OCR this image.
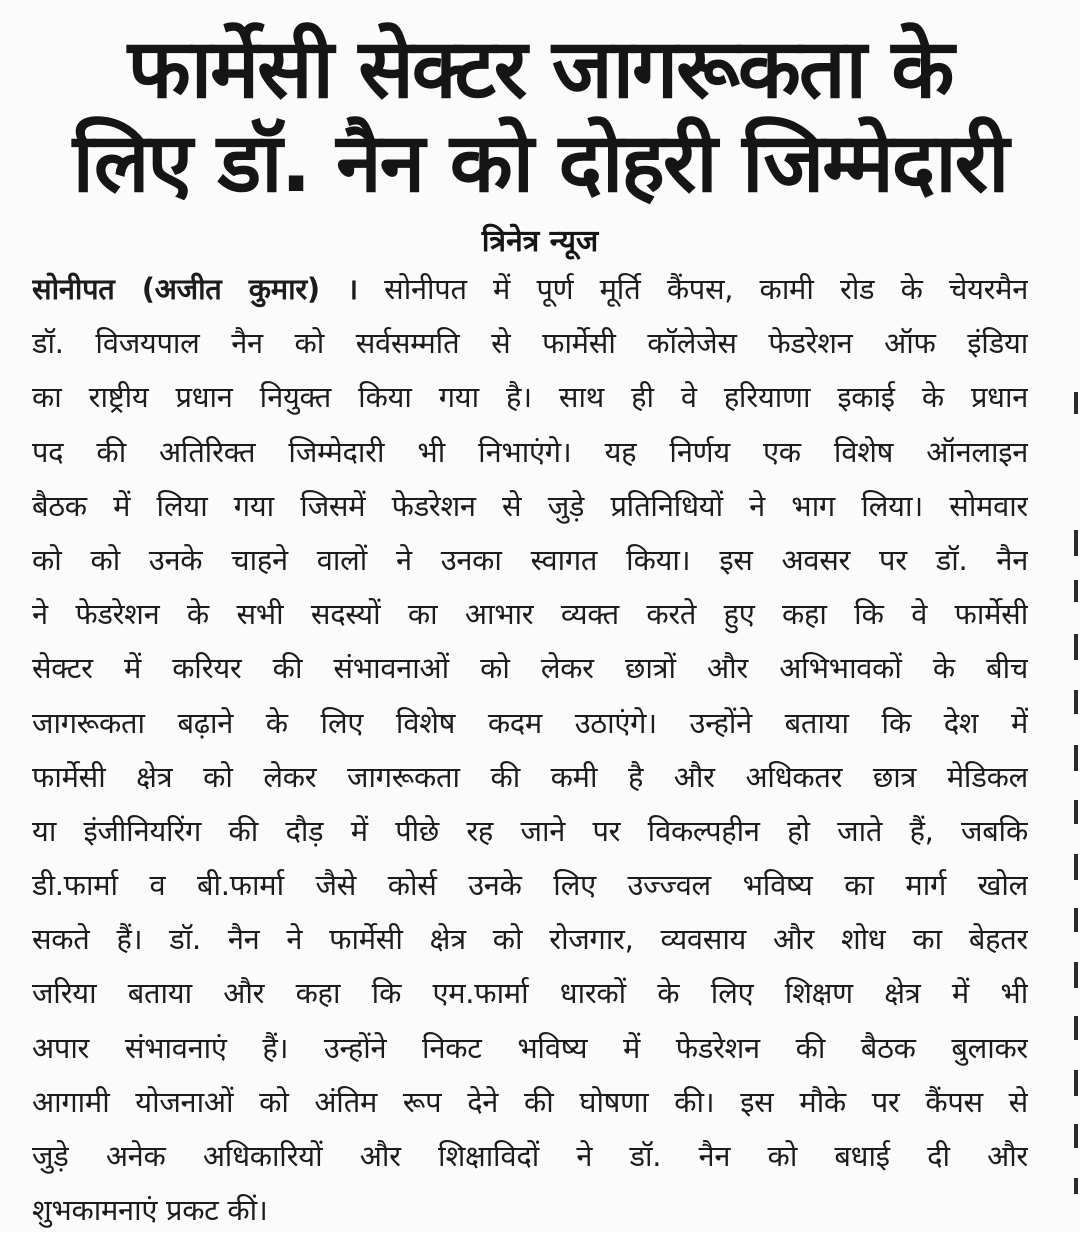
फार्मेसी सेक्टर जागरूकता के
लिए डॉ. नैन को दोहरी जिम्मेदारी
त्रिनेत्र न्यूज
सोनीपत (अजीत कुमार) । सोनीपत में पूर्ण मूर्ति कैंपस, कामी रोड के चेयरमैन
डॉ. विजयपाल नैन को सर्वसम्मति से फार्मेसी कॉलेजेस फेडरेशन ऑफ इंडिया
का राष्ट्रीय प्रधान नियुक्त किया गया है। साथ ही वे हरियाणा इकाई के प्रधान
पद की अतिरिक्त जिम्मेदारी भी निभाएंगे। यह निर्णय एक विशेष ऑनलाइन
बैठक में लिया गया जिसमें फेडरेशन से जुड़े प्रतिनिधियों ने भाग लिया। सोमवार
को को उनके चाहने वालों ने उनका स्वागत किया। इस अवसर पर डॉ. नैन
ने फेडरेशन के सभी सदस्यों का आभार व्यक्त करते हुए कहा कि वे फार्मेसी
सेक्टर में करियर की संभावनाओं को लेकर छात्रों और अभिभावकों के बीच
जागरूकता बढ़ाने के लिए विशेष कदम उठाएंगे। उन्होंने बताया कि देश में
फार्मेसी क्षेत्र को लेकर जागरूकता की कमी है और अधिकतर छात्र मेडिकल
या इंजीनियरिंग की दौड़ में पीछे रह जाने पर विकल्पहीन हो जाते हैं, जबकि
डी.फार्मा व बी.फार्मा जैसे कोर्स उनके लिए उज्ज्वल भविष्य का मार्ग खोल
सकते हैं। डॉ. नैन ने फार्मेसी क्षेत्र को रोजगार, व्यवसाय और शोध का बेहतर
जरिया बताया और कहा कि एम.फार्मा धारकों के लिए शिक्षण क्षेत्र में भी
अपार संभावनाएं हैं। उन्होंने निकट भविष्य में फेडरेशन की बैठक बुलाकर
आगामी योजनाओं को अंतिम रूप देने की घोषणा की। इस मौके पर कैंपस से
जुड़े अनेक अधिकारियों और शिक्षाविदों ने डॉ. नैन को बधाई दी और
शुभकामनाएं प्रकट कीं।
